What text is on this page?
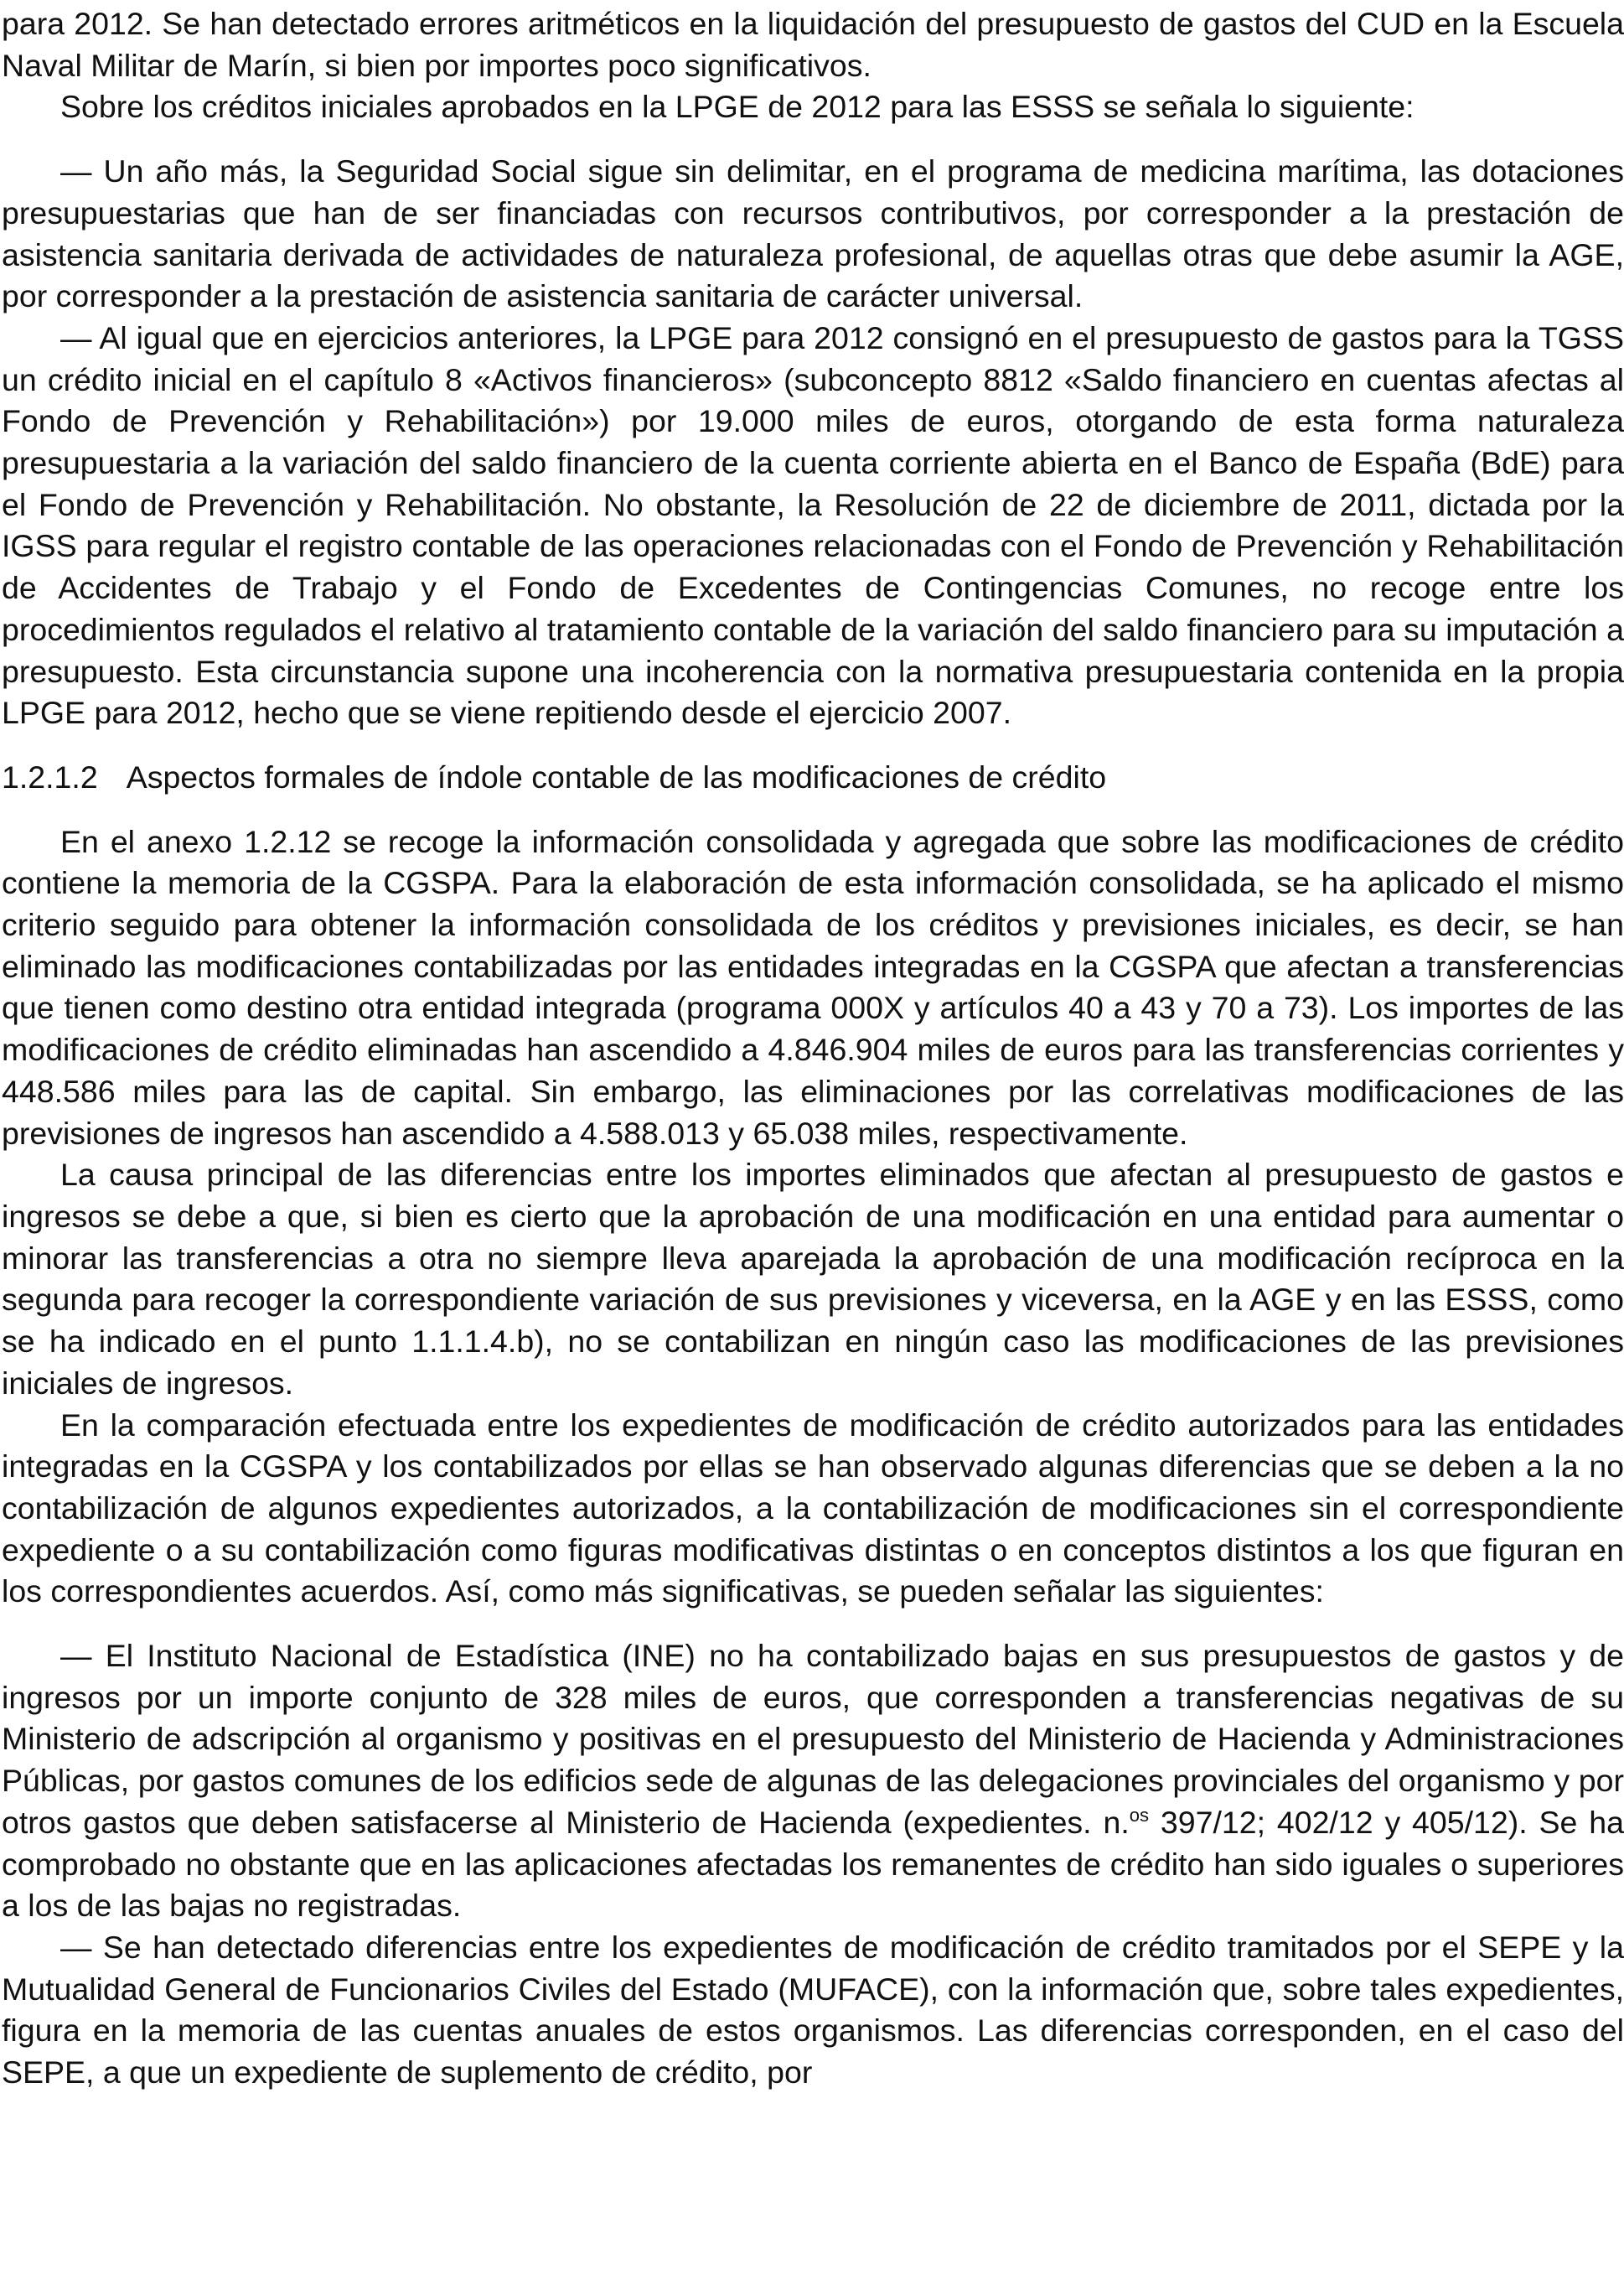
para 2012. Se han detectado errores aritméticos en la liquidación del presupuesto de gastos del CUD en la Escuela Naval Militar de Marín, si bien por importes poco significativos.

Sobre los créditos iniciales aprobados en la LPGE de 2012 para las ESSS se señala lo siguiente:

— Un año más, la Seguridad Social sigue sin delimitar, en el programa de medicina marítima, las dotaciones presupuestarias que han de ser financiadas con recursos contributivos, por corresponder a la prestación de asistencia sanitaria derivada de actividades de naturaleza profesional, de aquellas otras que debe asumir la AGE, por corresponder a la prestación de asistencia sanitaria de carácter universal.

— Al igual que en ejercicios anteriores, la LPGE para 2012 consignó en el presupuesto de gastos para la TGSS un crédito inicial en el capítulo 8 «Activos financieros» (subconcepto 8812 «Saldo financiero en cuentas afectas al Fondo de Prevención y Rehabilitación») por 19.000 miles de euros, otorgando de esta forma naturaleza presupuestaria a la variación del saldo financiero de la cuenta corriente abierta en el Banco de España (BdE) para el Fondo de Prevención y Rehabilitación. No obstante, la Resolución de 22 de diciembre de 2011, dictada por la IGSS para regular el registro contable de las operaciones relacionadas con el Fondo de Prevención y Rehabilitación de Accidentes de Trabajo y el Fondo de Excedentes de Contingencias Comunes, no recoge entre los procedimientos regulados el relativo al tratamiento contable de la variación del saldo financiero para su imputación a presupuesto. Esta circunstancia supone una incoherencia con la normativa presupuestaria contenida en la propia LPGE para 2012, hecho que se viene repitiendo desde el ejercicio 2007.

1.2.1.2 Aspectos formales de índole contable de las modificaciones de crédito

En el anexo 1.2.12 se recoge la información consolidada y agregada que sobre las modificaciones de crédito contiene la memoria de la CGSPA. Para la elaboración de esta información consolidada, se ha aplicado el mismo criterio seguido para obtener la información consolidada de los créditos y previsiones iniciales, es decir, se han eliminado las modificaciones contabilizadas por las entidades integradas en la CGSPA que afectan a transferencias que tienen como destino otra entidad integrada (programa 000X y artículos 40 a 43 y 70 a 73). Los importes de las modificaciones de crédito eliminadas han ascendido a 4.846.904 miles de euros para las transferencias corrientes y 448.586 miles para las de capital. Sin embargo, las eliminaciones por las correlativas modificaciones de las previsiones de ingresos han ascendido a 4.588.013 y 65.038 miles, respectivamente.

La causa principal de las diferencias entre los importes eliminados que afectan al presupuesto de gastos e ingresos se debe a que, si bien es cierto que la aprobación de una modificación en una entidad para aumentar o minorar las transferencias a otra no siempre lleva aparejada la aprobación de una modificación recíproca en la segunda para recoger la correspondiente variación de sus previsiones y viceversa, en la AGE y en las ESSS, como se ha indicado en el punto 1.1.1.4.b), no se contabilizan en ningún caso las modificaciones de las previsiones iniciales de ingresos.

En la comparación efectuada entre los expedientes de modificación de crédito autorizados para las entidades integradas en la CGSPA y los contabilizados por ellas se han observado algunas diferencias que se deben a la no contabilización de algunos expedientes autorizados, a la contabilización de modificaciones sin el correspondiente expediente o a su contabilización como figuras modificativas distintas o en conceptos distintos a los que figuran en los correspondientes acuerdos. Así, como más significativas, se pueden señalar las siguientes:

— El Instituto Nacional de Estadística (INE) no ha contabilizado bajas en sus presupuestos de gastos y de ingresos por un importe conjunto de 328 miles de euros, que corresponden a transferencias negativas de su Ministerio de adscripción al organismo y positivas en el presupuesto del Ministerio de Hacienda y Administraciones Públicas, por gastos comunes de los edificios sede de algunas de las delegaciones provinciales del organismo y por otros gastos que deben satisfacerse al Ministerio de Hacienda (expedientes. n.$^{os}$ 397/12; 402/12 y 405/12). Se ha comprobado no obstante que en las aplicaciones afectadas los remanentes de crédito han sido iguales o superiores a los de las bajas no registradas.

— Se han detectado diferencias entre los expedientes de modificación de crédito tramitados por el SEPE y la Mutualidad General de Funcionarios Civiles del Estado (MUFACE), con la información que, sobre tales expedientes, figura en la memoria de las cuentas anuales de estos organismos. Las diferencias corresponden, en el caso del SEPE, a que un expediente de suplemento de crédito, por
